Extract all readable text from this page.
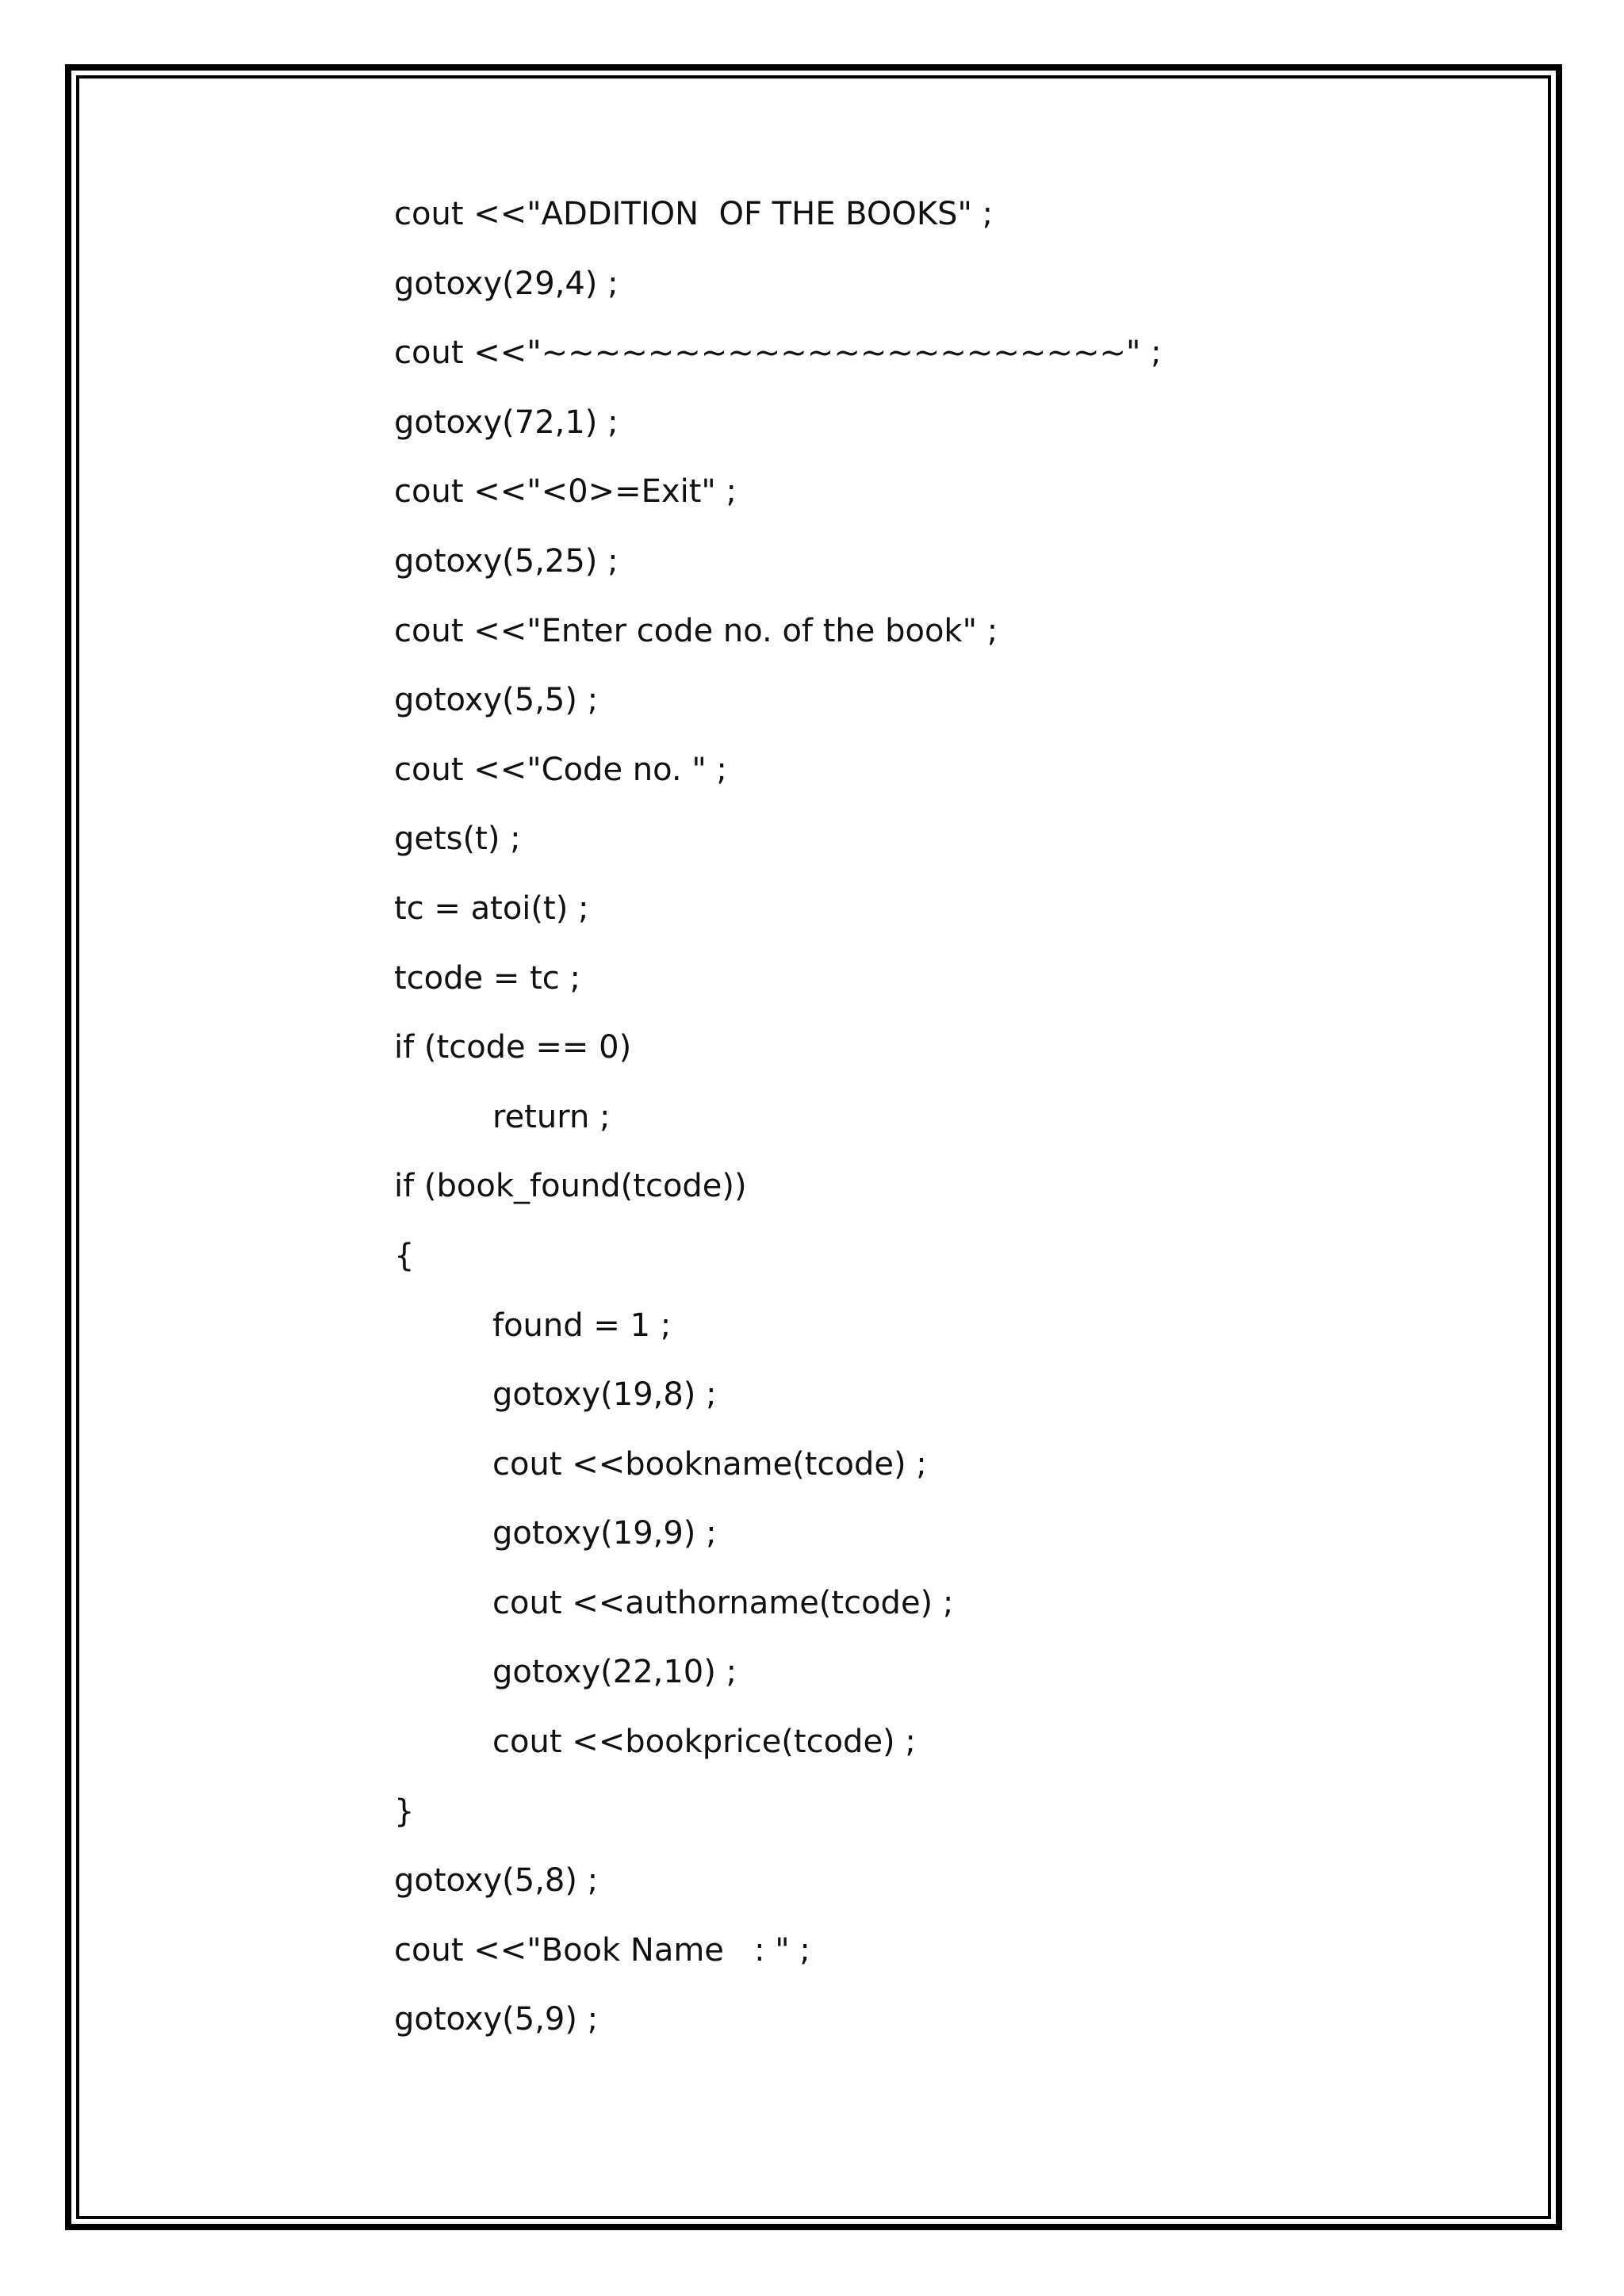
cout <<"ADDITION  OF THE BOOKS" ;
gotoxy(29,4) ;
cout <<"~~~~~~~~~~~~~~~~~~~~~~" ;
gotoxy(72,1) ;
cout <<"<0>=Exit" ;
gotoxy(5,25) ;
cout <<"Enter code no. of the book" ;
gotoxy(5,5) ;
cout <<"Code no. " ;
gets(t) ;
tc = atoi(t) ;
tcode = tc ;
if (tcode == 0)
return ;
if (book_found(tcode))
{
found = 1 ;
gotoxy(19,8) ;
cout <<bookname(tcode) ;
gotoxy(19,9) ;
cout <<authorname(tcode) ;
gotoxy(22,10) ;
cout <<bookprice(tcode) ;
}
gotoxy(5,8) ;
cout <<"Book Name   : " ;
gotoxy(5,9) ;
